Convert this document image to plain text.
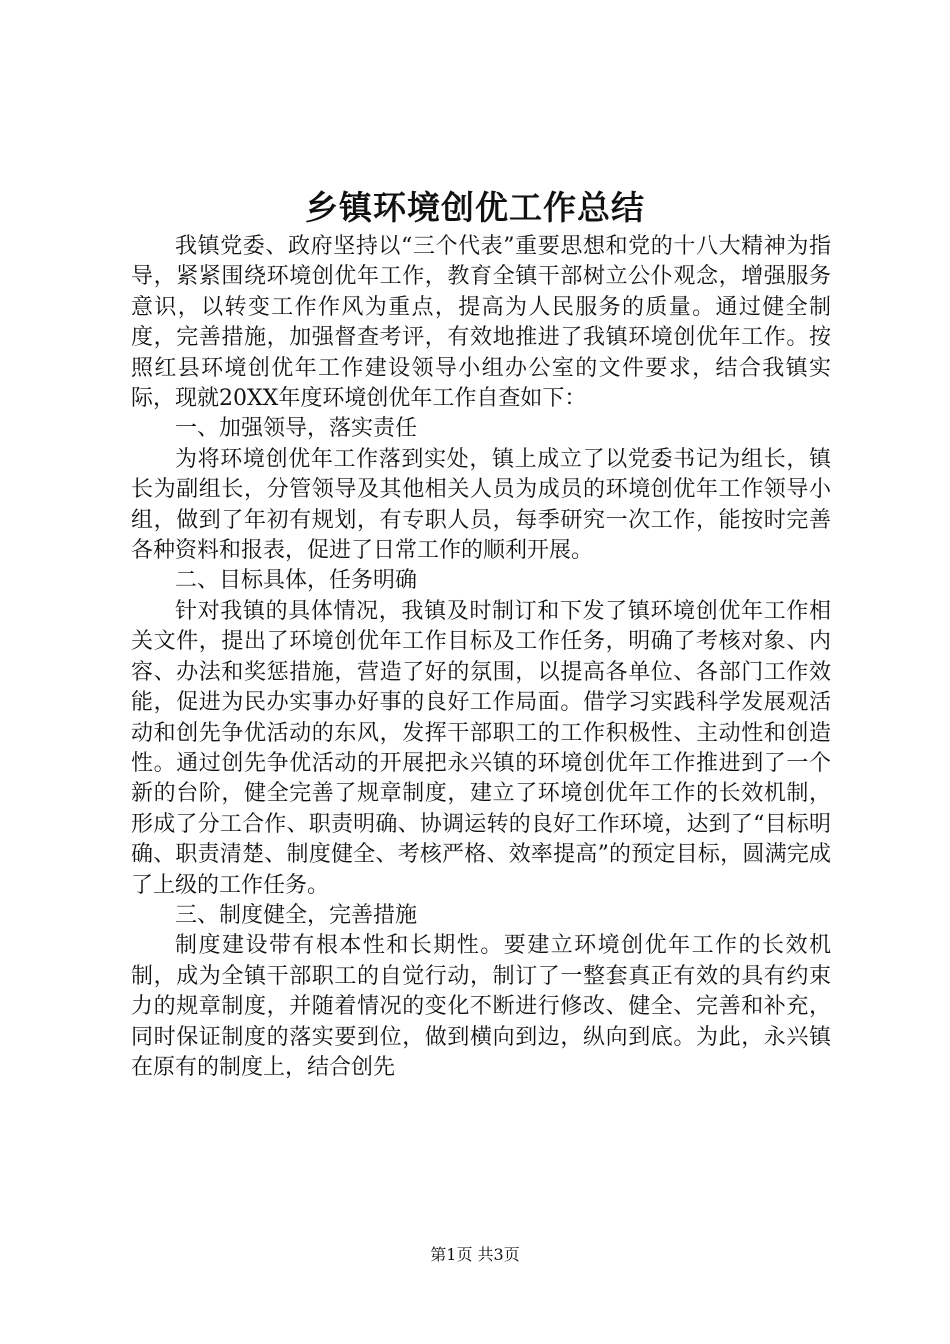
乡镇环境创优工作总结

我镇党委、政府坚持以“三个代表”重要思想和党的十八大精神为指导，紧紧围绕环境创优年工作，教育全镇干部树立公仆观念，增强服务意识，以转变工作作风为重点，提高为人民服务的质量。通过健全制度，完善措施，加强督查考评，有效地推进了我镇环境创优年工作。按照红县环境创优年工作建设领导小组办公室的文件要求，结合我镇实际，现就20XX年度环境创优年工作自查如下：

一、加强领导，落实责任

为将环境创优年工作落到实处，镇上成立了以党委书记为组长，镇长为副组长，分管领导及其他相关人员为成员的环境创优年工作领导小组，做到了年初有规划，有专职人员，每季研究一次工作，能按时完善各种资料和报表，促进了日常工作的顺利开展。

二、目标具体，任务明确

针对我镇的具体情况，我镇及时制订和下发了镇环境创优年工作相关文件，提出了环境创优年工作目标及工作任务，明确了考核对象、内容、办法和奖惩措施，营造了好的氛围，以提高各单位、各部门工作效能，促进为民办实事办好事的良好工作局面。借学习实践科学发展观活动和创先争优活动的东风，发挥干部职工的工作积极性、主动性和创造性。通过创先争优活动的开展把永兴镇的环境创优年工作推进到了一个新的台阶，健全完善了规章制度，建立了环境创优年工作的长效机制，形成了分工合作、职责明确、协调运转的良好工作环境，达到了“目标明确、职责清楚、制度健全、考核严格、效率提高”的预定目标，圆满完成了上级的工作任务。

三、制度健全，完善措施

制度建设带有根本性和长期性。要建立环境创优年工作的长效机制，成为全镇干部职工的自觉行动，制订了一整套真正有效的具有约束力的规章制度，并随着情况的变化不断进行修改、健全、完善和补充，同时保证制度的落实要到位，做到横向到边，纵向到底。为此，永兴镇在原有的制度上，结合创先

第1页 共3页
